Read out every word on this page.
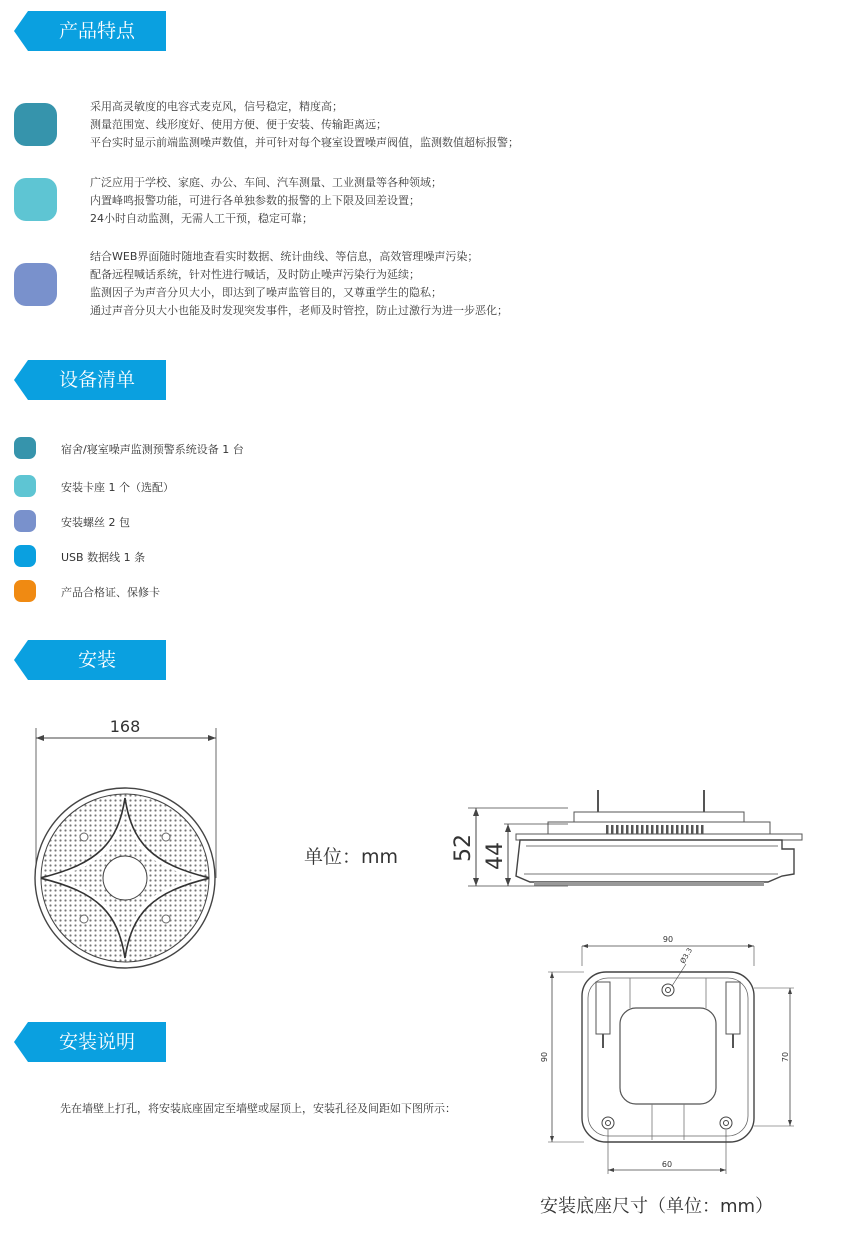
产品特点
采用高灵敏度的电容式麦克风，信号稳定，精度高；
测量范围宽、线形度好、使用方便、便于安装、传输距离远；
平台实时显示前端监测噪声数值，并可针对每个寝室设置噪声阀值，监测数值超标报警；
广泛应用于学校、家庭、办公、车间、汽车测量、工业测量等各种领域；
内置峰鸣报警功能，可进行各单独参数的报警的上下限及回差设置；
24小时自动监测，无需人工干预，稳定可靠；
结合WEB界面随时随地查看实时数据、统计曲线、等信息，高效管理噪声污染；
配备远程喊话系统，针对性进行喊话，及时防止噪声污染行为延续；
监测因子为声音分贝大小，即达到了噪声监管目的，又尊重学生的隐私；
通过声音分贝大小也能及时发现突发事件，老师及时管控，防止过激行为进一步恶化；
设备清单
宿舍/寝室噪声监测预警系统设备 1 台
安装卡座 1 个（选配）
安装螺丝 2 包
USB 数据线 1 条
产品合格证、保修卡
安装
168
单位：mm 52 44
安装说明
先在墙壁上打孔，将安装底座固定至墙壁或屋顶上，安装孔径及间距如下图所示：
90
90	70
Ø3.3
60
安装底座尺寸（单位：mm）
